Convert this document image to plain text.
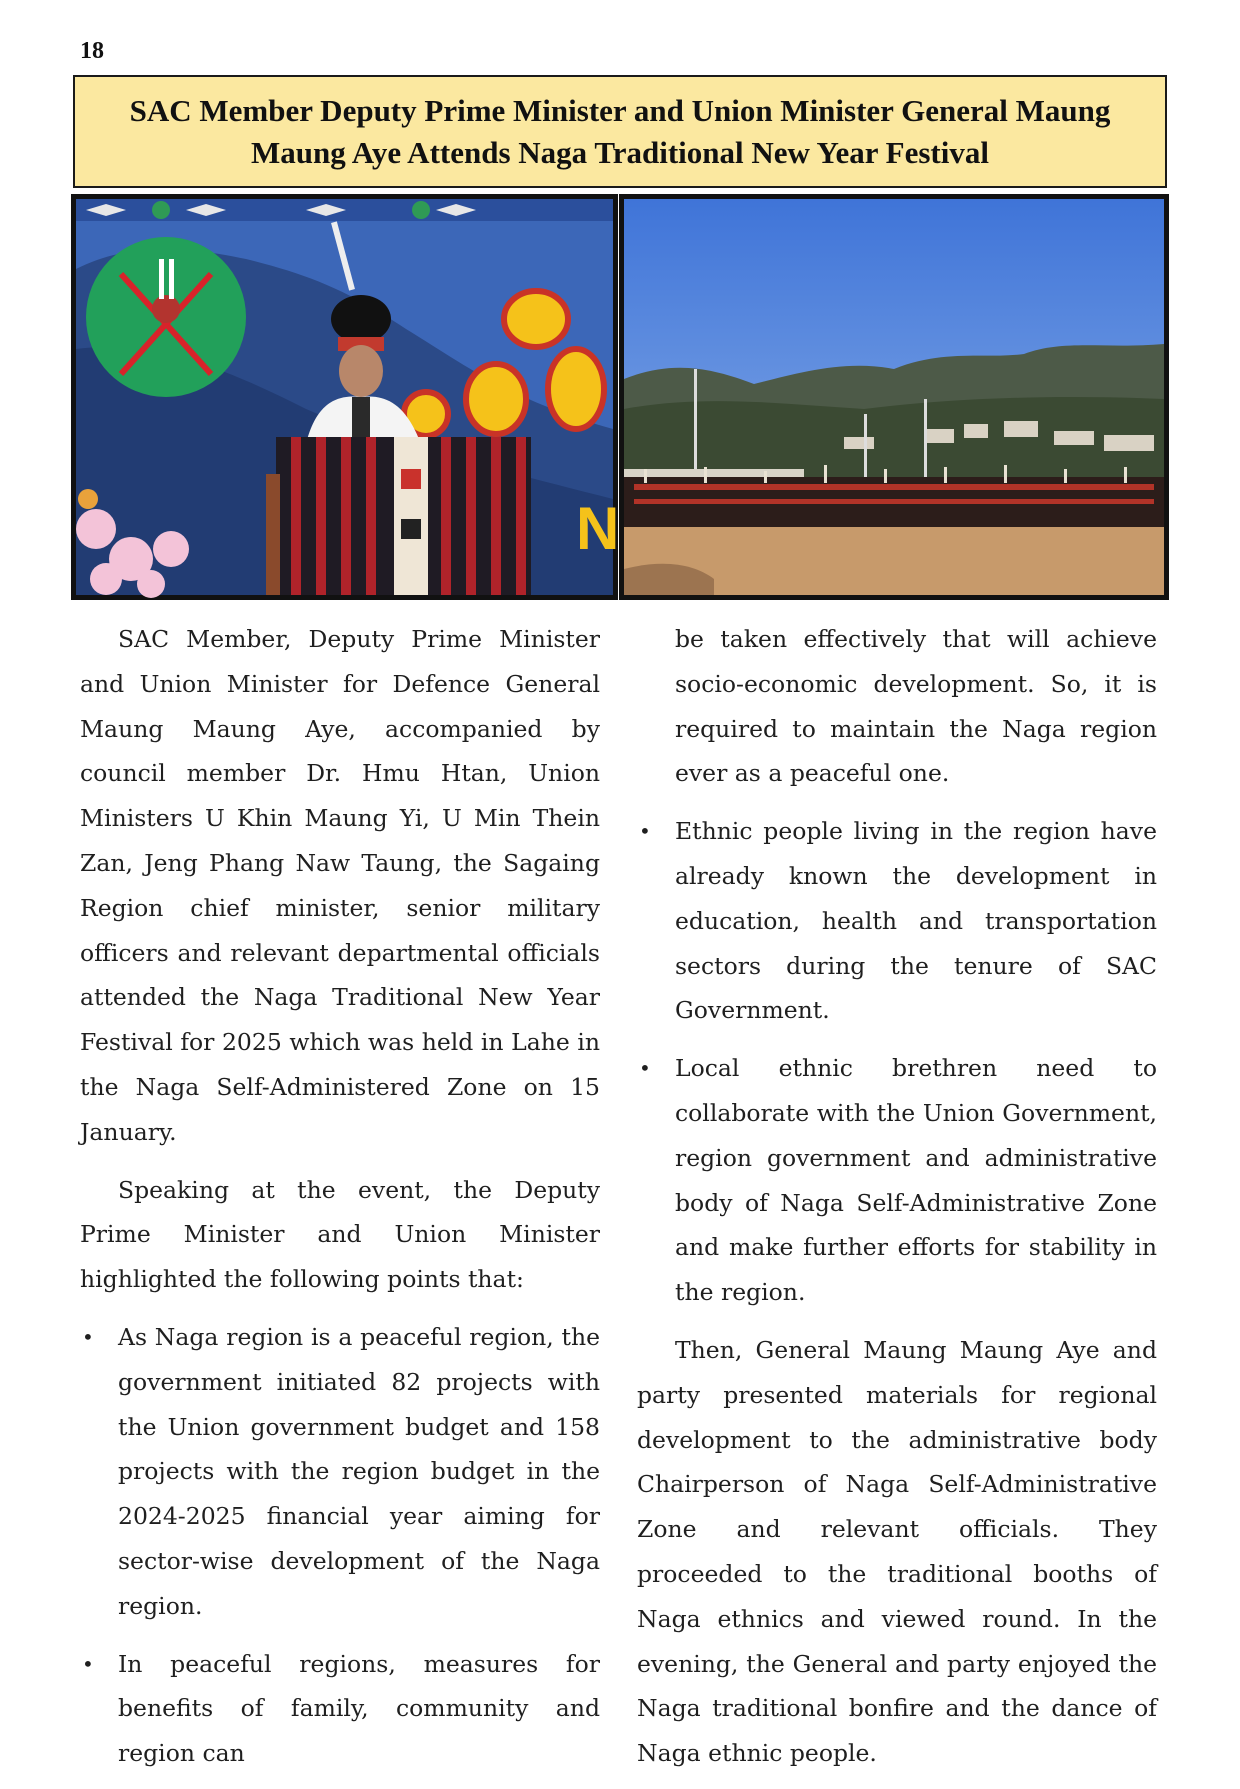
18
SAC Member Deputy Prime Minister and Union Minister General Maung Maung Aye Attends Naga Traditional New Year Festival
N

SAC Member, Deputy Prime Minister and Union Minister for Defence General Maung Maung Aye, accompanied by council member Dr. Hmu Htan, Union Ministers U Khin Maung Yi, U Min Thein Zan, Jeng Phang Naw Taung, the Sagaing Region chief minister, senior military officers and relevant departmental officials attended the Naga Traditional New Year Festival for 2025 which was held in Lahe in the Naga Self-Administered Zone on 15 January.

Speaking at the event, the Deputy Prime Minister and Union Minister highlighted the following points that:

• As Naga region is a peaceful region, the government initiated 82 projects with the Union government budget and 158 projects with the region budget in the 2024-2025 financial year aiming for sector-wise development of the Naga region.
• In peaceful regions, measures for benefits of family, community and region can

be taken effectively that will achieve socio-economic development. So, it is required to maintain the Naga region ever as a peaceful one.

• Ethnic people living in the region have already known the development in education, health and transportation sectors during the tenure of SAC Government.
• Local ethnic brethren need to collaborate with the Union Government, region government and administrative body of Naga Self-Administrative Zone and make further efforts for stability in the region.

Then, General Maung Maung Aye and party presented materials for regional development to the administrative body Chairperson of Naga Self-Administrative Zone and relevant officials. They proceeded to the traditional booths of Naga ethnics and viewed round. In the evening, the General and party enjoyed the Naga traditional bonfire and the dance of Naga ethnic people.
